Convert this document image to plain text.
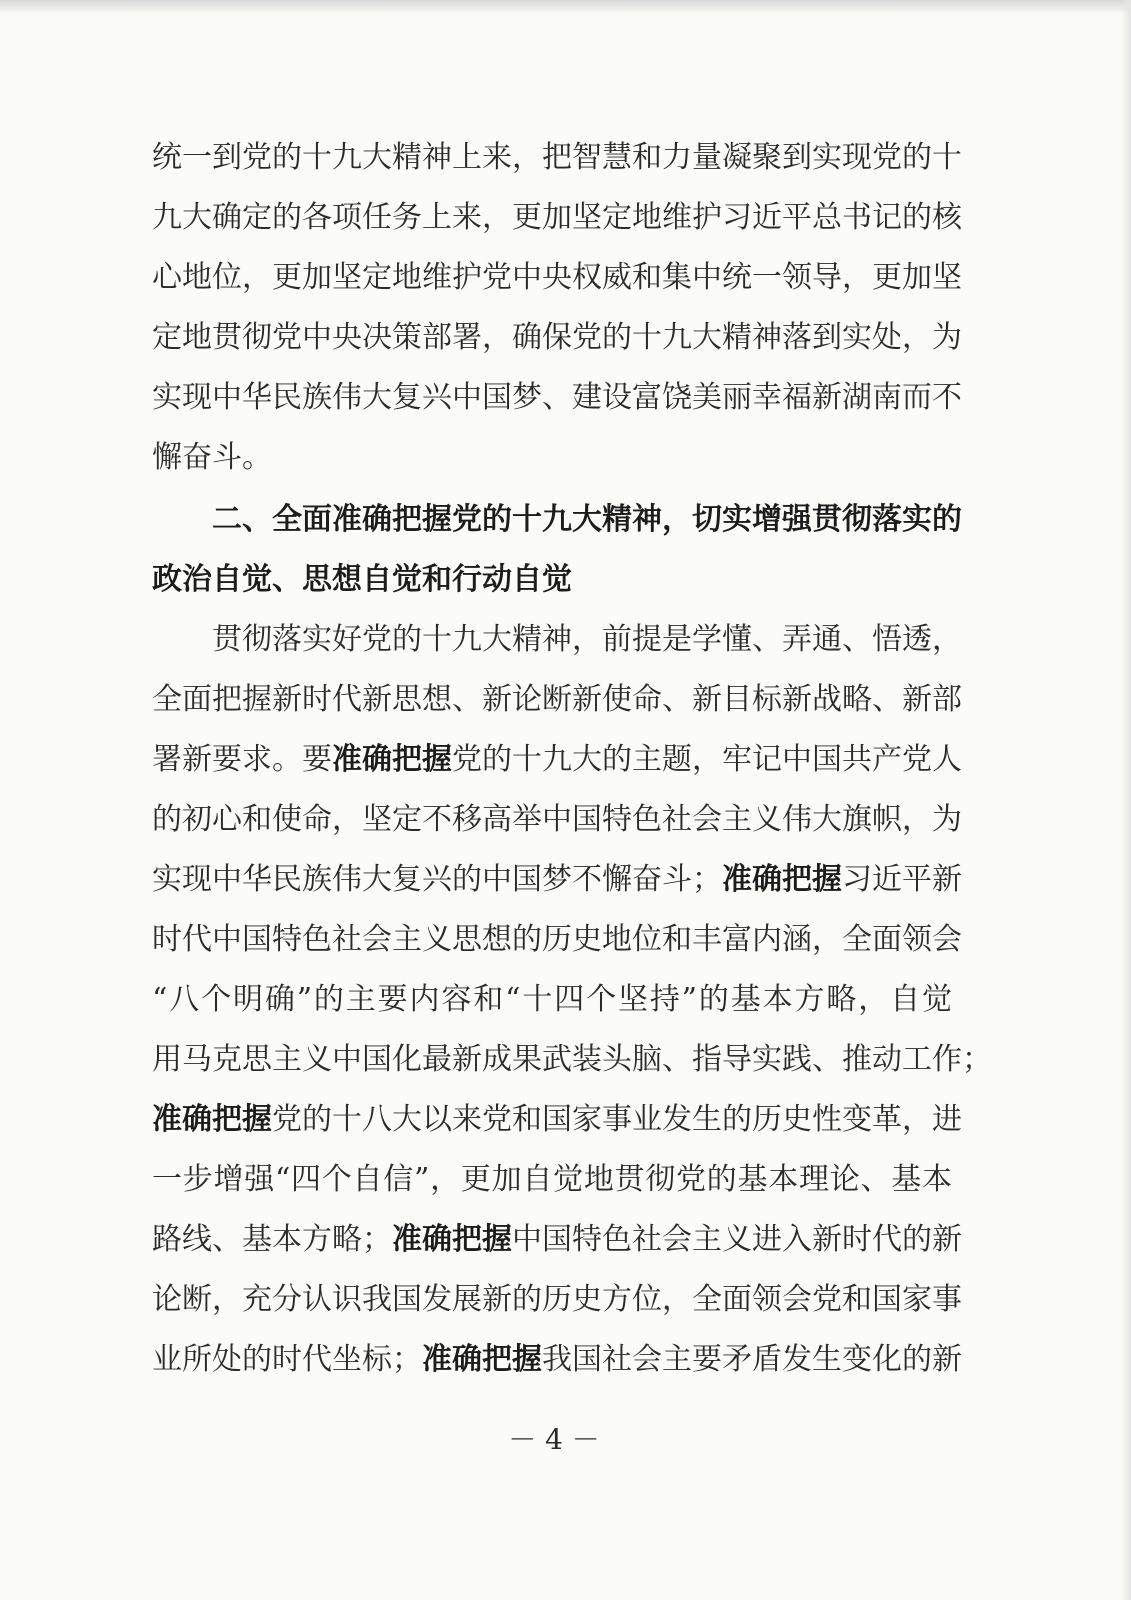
统一到党的十九大精神上来，把智慧和力量凝聚到实现党的十
九大确定的各项任务上来，更加坚定地维护习近平总书记的核
心地位，更加坚定地维护党中央权威和集中统一领导，更加坚
定地贯彻党中央决策部署，确保党的十九大精神落到实处，为
实现中华民族伟大复兴中国梦、建设富饶美丽幸福新湖南而不
懈奋斗。
二、全面准确把握党的十九大精神，切实增强贯彻落实的
政治自觉、思想自觉和行动自觉
贯彻落实好党的十九大精神，前提是学懂、弄通、悟透，
全面把握新时代新思想、新论断新使命、新目标新战略、新部
署新要求。要准确把握党的十九大的主题，牢记中国共产党人
的初心和使命，坚定不移高举中国特色社会主义伟大旗帜，为
实现中华民族伟大复兴的中国梦不懈奋斗；准确把握习近平新
时代中国特色社会主义思想的历史地位和丰富内涵，全面领会
“八个明确”的主要内容和“十四个坚持”的基本方略，自觉
用马克思主义中国化最新成果武装头脑、指导实践、推动工作；
准确把握党的十八大以来党和国家事业发生的历史性变革，进
一步增强“四个自信”，更加自觉地贯彻党的基本理论、基本
路线、基本方略；准确把握中国特色社会主义进入新时代的新
论断，充分认识我国发展新的历史方位，全面领会党和国家事
业所处的时代坐标；准确把握我国社会主要矛盾发生变化的新
－ 4 －
